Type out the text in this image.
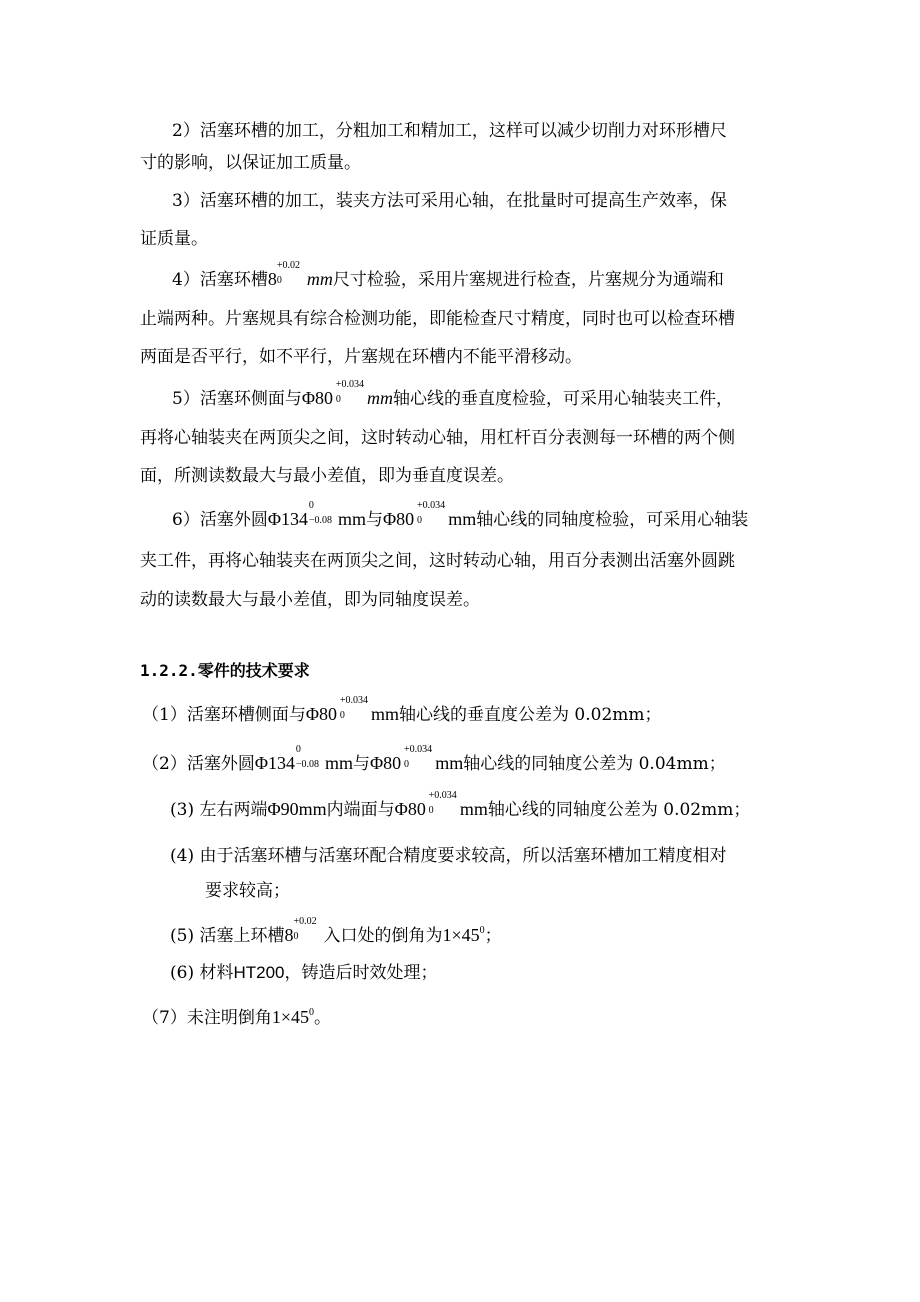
2）活塞环槽的加工，分粗加工和精加工，这样可以减少切削力对环形槽尺
寸的影响，以保证加工质量。
3）活塞环槽的加工，装夹方法可采用心轴，在批量时可提高生产效率，保
证质量。
4）活塞环槽8
+0.02
0 mm尺寸检验，采用片塞规进行检查，片塞规分为通端和
止端两种。片塞规具有综合检测功能，即能检查尺寸精度，同时也可以检查环槽
两面是否平行，如不平行，片塞规在环槽内不能平滑移动。
5）活塞环侧面与Φ80
+0.034
0 mm轴心线的垂直度检验，可采用心轴装夹工件，
再将心轴装夹在两顶尖之间，这时转动心轴，用杠杆百分表测每一环槽的两个侧
面，所测读数最大与最小差值，即为垂直度误差。
6）活塞外圆Φ134
0
−0.08 mm与Φ80
+0.034
0 mm轴心线的同轴度检验，可采用心轴装
夹工件，再将心轴装夹在两顶尖之间，这时转动心轴，用百分表测出活塞外圆跳
动的读数最大与最小差值，即为同轴度误差。
1.2.2.零件的技术要求
（1）活塞环槽侧面与Φ80
+0.034
0 mm轴心线的垂直度公差为 0.02mm；
（2）活塞外圆Φ134
0
−0.08 mm与Φ80
+0.034
0 mm轴心线的同轴度公差为 0.04mm；
(3) 左右两端Φ90mm内端面与Φ80
+0.034
0 mm轴心线的同轴度公差为 0.02mm；
(4) 由于活塞环槽与活塞环配合精度要求较高，所以活塞环槽加工精度相对
要求较高；
(5) 活塞上环槽8
+0.02
0 入口处的倒角为$1\times 45^0$；
(6) 材料HT200，铸造后时效处理；
（7）未注明倒角$1\times 45^0$。
